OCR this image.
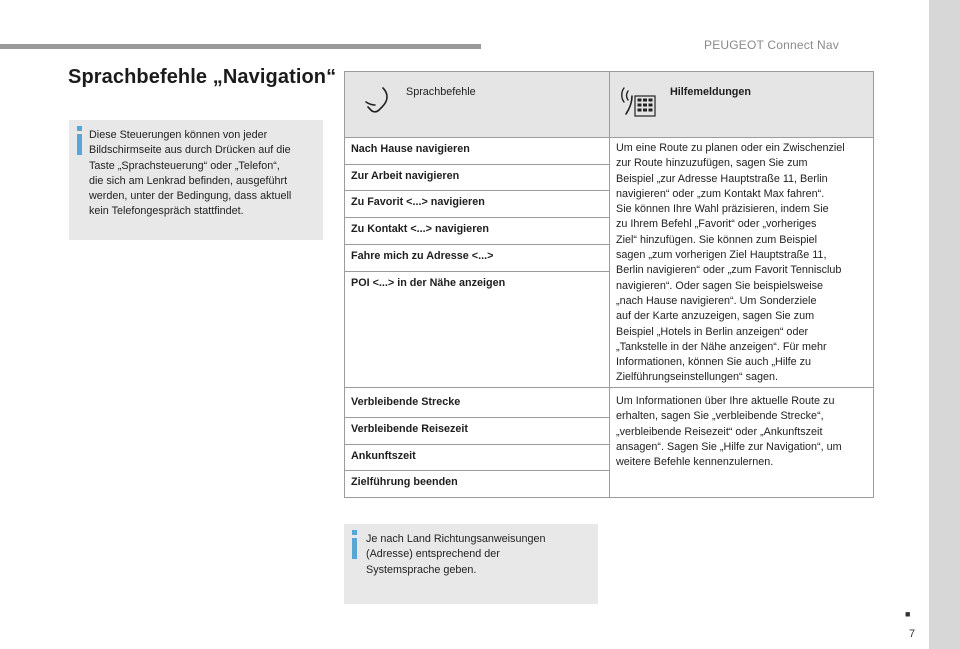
PEUGEOT Connect Nav
Sprachbefehle „Navigation“

Diese Steuerungen können von jeder
Bildschirmseite aus durch Drücken auf die
Taste „Sprachsteuerung“ oder „Telefon“,
die sich am Lenkrad befinden, ausgeführt
werden, unter der Bedingung, dass aktuell
kein Telefongespräch stattfindet.

Sprachbefehle	Hilfemeldungen
Nach Hause navigieren
Zur Arbeit navigieren
Zu Favorit <...> navigieren
Zu Kontakt <...> navigieren
Fahre mich zu Adresse <...>
POI <...> in der Nähe anzeigen
Um eine Route zu planen oder ein Zwischenziel
zur Route hinzuzufügen, sagen Sie zum
Beispiel „zur Adresse Hauptstraße 11, Berlin
navigieren“ oder „zum Kontakt Max fahren“.
Sie können Ihre Wahl präzisieren, indem Sie
zu Ihrem Befehl „Favorit“ oder „vorheriges
Ziel“ hinzufügen. Sie können zum Beispiel
sagen „zum vorherigen Ziel Hauptstraße 11,
Berlin navigieren“ oder „zum Favorit Tennisclub
navigieren“. Oder sagen Sie beispielsweise
„nach Hause navigieren“. Um Sonderziele
auf der Karte anzuzeigen, sagen Sie zum
Beispiel „Hotels in Berlin anzeigen“ oder
„Tankstelle in der Nähe anzeigen“. Für mehr
Informationen, können Sie auch „Hilfe zu
Zielführungseinstellungen“ sagen.
Verbleibende Strecke
Verbleibende Reisezeit
Ankunftszeit
Zielführung beenden
Um Informationen über Ihre aktuelle Route zu
erhalten, sagen Sie „verbleibende Strecke“,
„verbleibende Reisezeit“ oder „Ankunftszeit
ansagen“. Sagen Sie „Hilfe zur Navigation“, um
weitere Befehle kennenzulernen.

Je nach Land Richtungsanweisungen
(Adresse) entsprechend der
Systemsprache geben.

■
7
